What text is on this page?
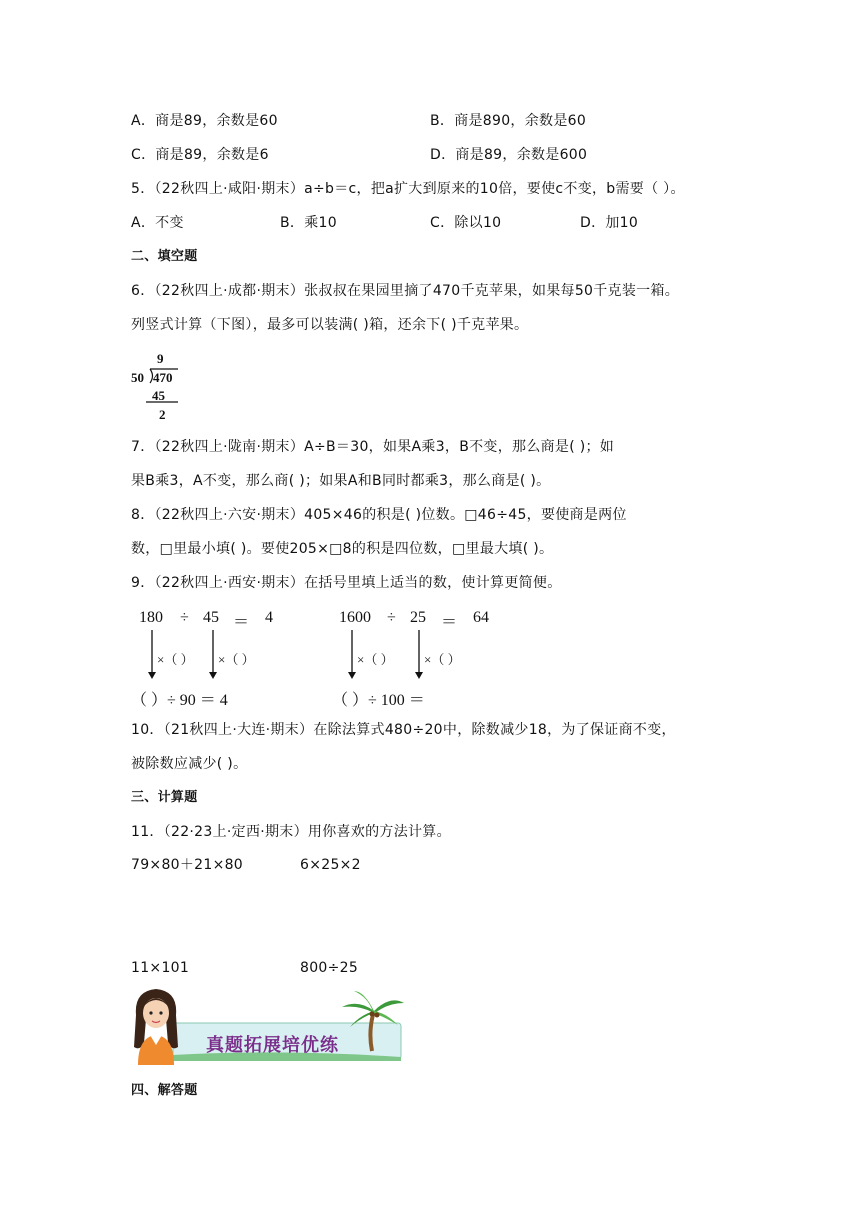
A．商是89，余数是60	B．商是890，余数是60
C．商是89，余数是6	D．商是89，余数是600
5．（22秋四上·咸阳·期末）a÷b＝c，把a扩大到原来的10倍，要使c不变，b需要（ ）。
A．不变	B．乘10	C．除以10	D．加10
二、填空题
6．（22秋四上·成都·期末）张叔叔在果园里摘了470千克苹果，如果每50千克装一箱。
列竖式计算（下图），最多可以装满( )箱，还余下( )千克苹果。
9
50 470
45
2
7．（22秋四上·陇南·期末）A÷B＝30，如果A乘3，B不变，那么商是( )；如
果B乘3，A不变，那么商( )；如果A和B同时都乘3，那么商是( )。
8．（22秋四上·六安·期末）405×46的积是( )位数。□46÷45，要使商是两位
数，□里最小填( )。要使205×□8的积是四位数，□里最大填( )。
9．（22秋四上·西安·期末）在括号里填上适当的数，使计算更简便。
180 ÷ 45 ＝ 4
×（ ） ×（ ）
（ ）÷ 90 ＝ 4
1600 ÷ 25 ＝ 64
×（ ） ×（ ）
（ ）÷ 100 ＝
10．（21秋四上·大连·期末）在除法算式480÷20中，除数减少18，为了保证商不变，
被除数应减少( )。
三、计算题
11．（22·23上·定西·期末）用你喜欢的方法计算。
79×80＋21×80	6×25×2
11×101	800÷25
真题拓展培优练
四、解答题
